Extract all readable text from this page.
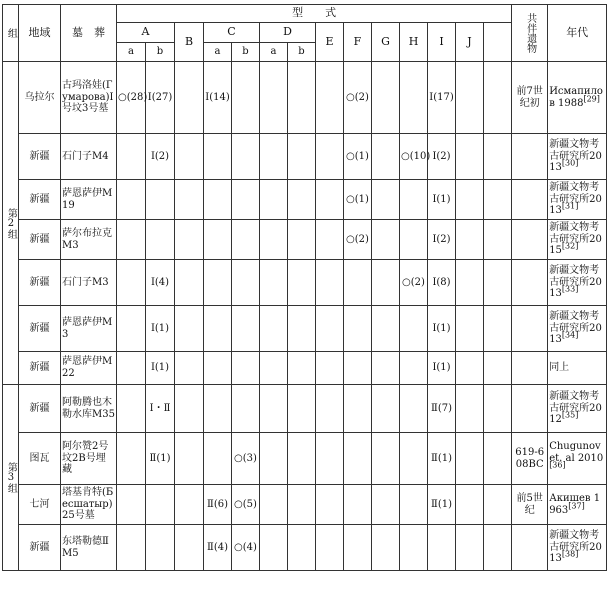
组	地域	墓　葬	型　　式														共伴遗物	年代	
			A		B	C		D		E	F	G	H	I	J				
			a	b		a	b	a	b										

第2组	乌拉尔	古玛洛娃(Гумарова)Ⅰ号坟3号墓	○(28)	Ⅰ(27)		Ⅰ(14)					○(2)			Ⅰ(17)			前7世纪初	Исмапилов 1988[29]
	新疆	石门子M4		Ⅰ(2)							○(1)		○(10)	Ⅰ(2)				新疆文物考古研究所2013[30]
	新疆	萨恩萨伊M19									○(1)			Ⅰ(1)				新疆文物考古研究所2013[31]
	新疆	萨尔布拉克M3									○(2)			Ⅰ(2)				新疆文物考古研究所2015[32]
	新疆	石门子M3		Ⅰ(4)									○(2)	Ⅰ(8)				新疆文物考古研究所2013[33]
	新疆	萨恩萨伊M3		Ⅰ(1)										Ⅰ(1)				新疆文物考古研究所2013[34]
	新疆	萨恩萨伊M22		Ⅰ(1)										Ⅰ(1)				同上	

第3组	新疆	阿勒腾也木勒水库M35		Ⅰ・Ⅱ										Ⅱ(7)				新疆文物考古研究所2012[35]
	图瓦	阿尔赞2号坟2B号埋藏		Ⅱ(1)			○(3)							Ⅱ(1)			619-608BC	Chugunov et. al 2010[36]
	七河	塔基肯特(Бесшатыр)25号墓				Ⅱ(6)	○(5)							Ⅱ(1)			前5世纪	Акишев 1963[37]
	新疆	东塔勒德ⅡM5				Ⅱ(4)	○(4)											新疆文物考古研究所2013[38]
